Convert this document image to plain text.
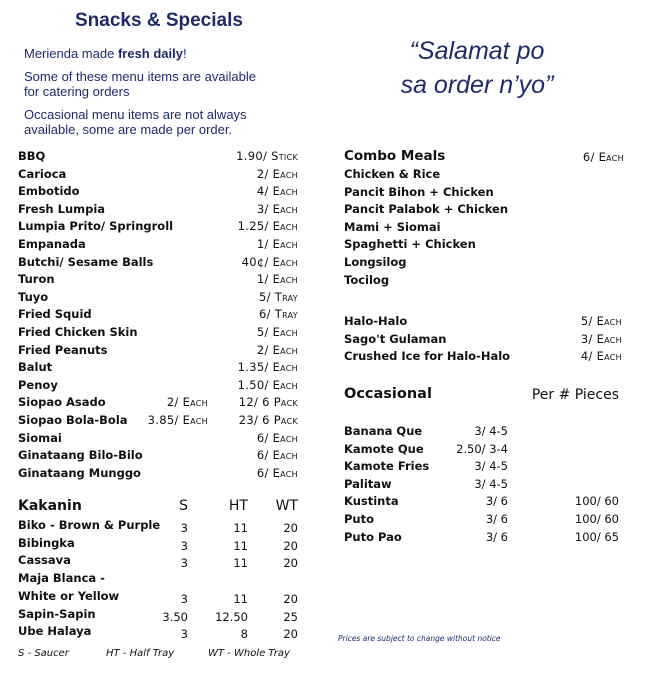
Snacks & Specials
Merienda made fresh daily!
Some of these menu items are available
for catering orders
Occasional menu items are not always
available, some are made per order.
“Salamat po
sa order n’yo”
BBQ	1.90/ Stick
Carioca	2/ Each
Embotido	4/ Each
Fresh Lumpia	3/ Each
Lumpia Prito/ Springroll	1.25/ Each
Empanada	1/ Each
Butchi/ Sesame Balls	40¢/ Each
Turon	1/ Each
Tuyo	5/ Tray
Fried Squid	6/ Tray
Fried Chicken Skin	5/ Each
Fried Peanuts	2/ Each
Balut	1.35/ Each
Penoy	1.50/ Each
Siopao Asado	2/ Each	12/ 6 Pack
Siopao Bola-Bola 3.85/ Each	23/ 6 Pack
Siomai	6/ Each
Ginataang Bilo-Bilo	6/ Each
Ginataang Munggo	6/ Each
Kakanin	S	HT WT
Biko - Brown & Purple 3	11	20
Bibingka	3	11	20
Cassava	3	11	20
Maja Blanca -
White or Yellow	3	11	20
Sapin-Sapin	3.50 12.50	25
Ube Halaya	3	8	20
S - Saucer	HT - Half Tray	WT - Whole Tray
Combo Meals	6/ Each
Chicken & Rice
Pancit Bihon + Chicken
Pancit Palabok + Chicken
Mami + Siomai
Spaghetti + Chicken
Longsilog
Tocilog
Halo-Halo	5/ Each
Sago't Gulaman	3/ Each
Crushed Ice for Halo-Halo	4/ Each
Occasional	Per # Pieces
Banana Que	3/ 4-5
Kamote Que	2.50/ 3-4
Kamote Fries	3/ 4-5
Palitaw	3/ 4-5
Kustinta	3/ 6	100/ 60
Puto	3/ 6	100/ 60
Puto Pao	3/ 6	100/ 65
Prices are subject to change without notice
